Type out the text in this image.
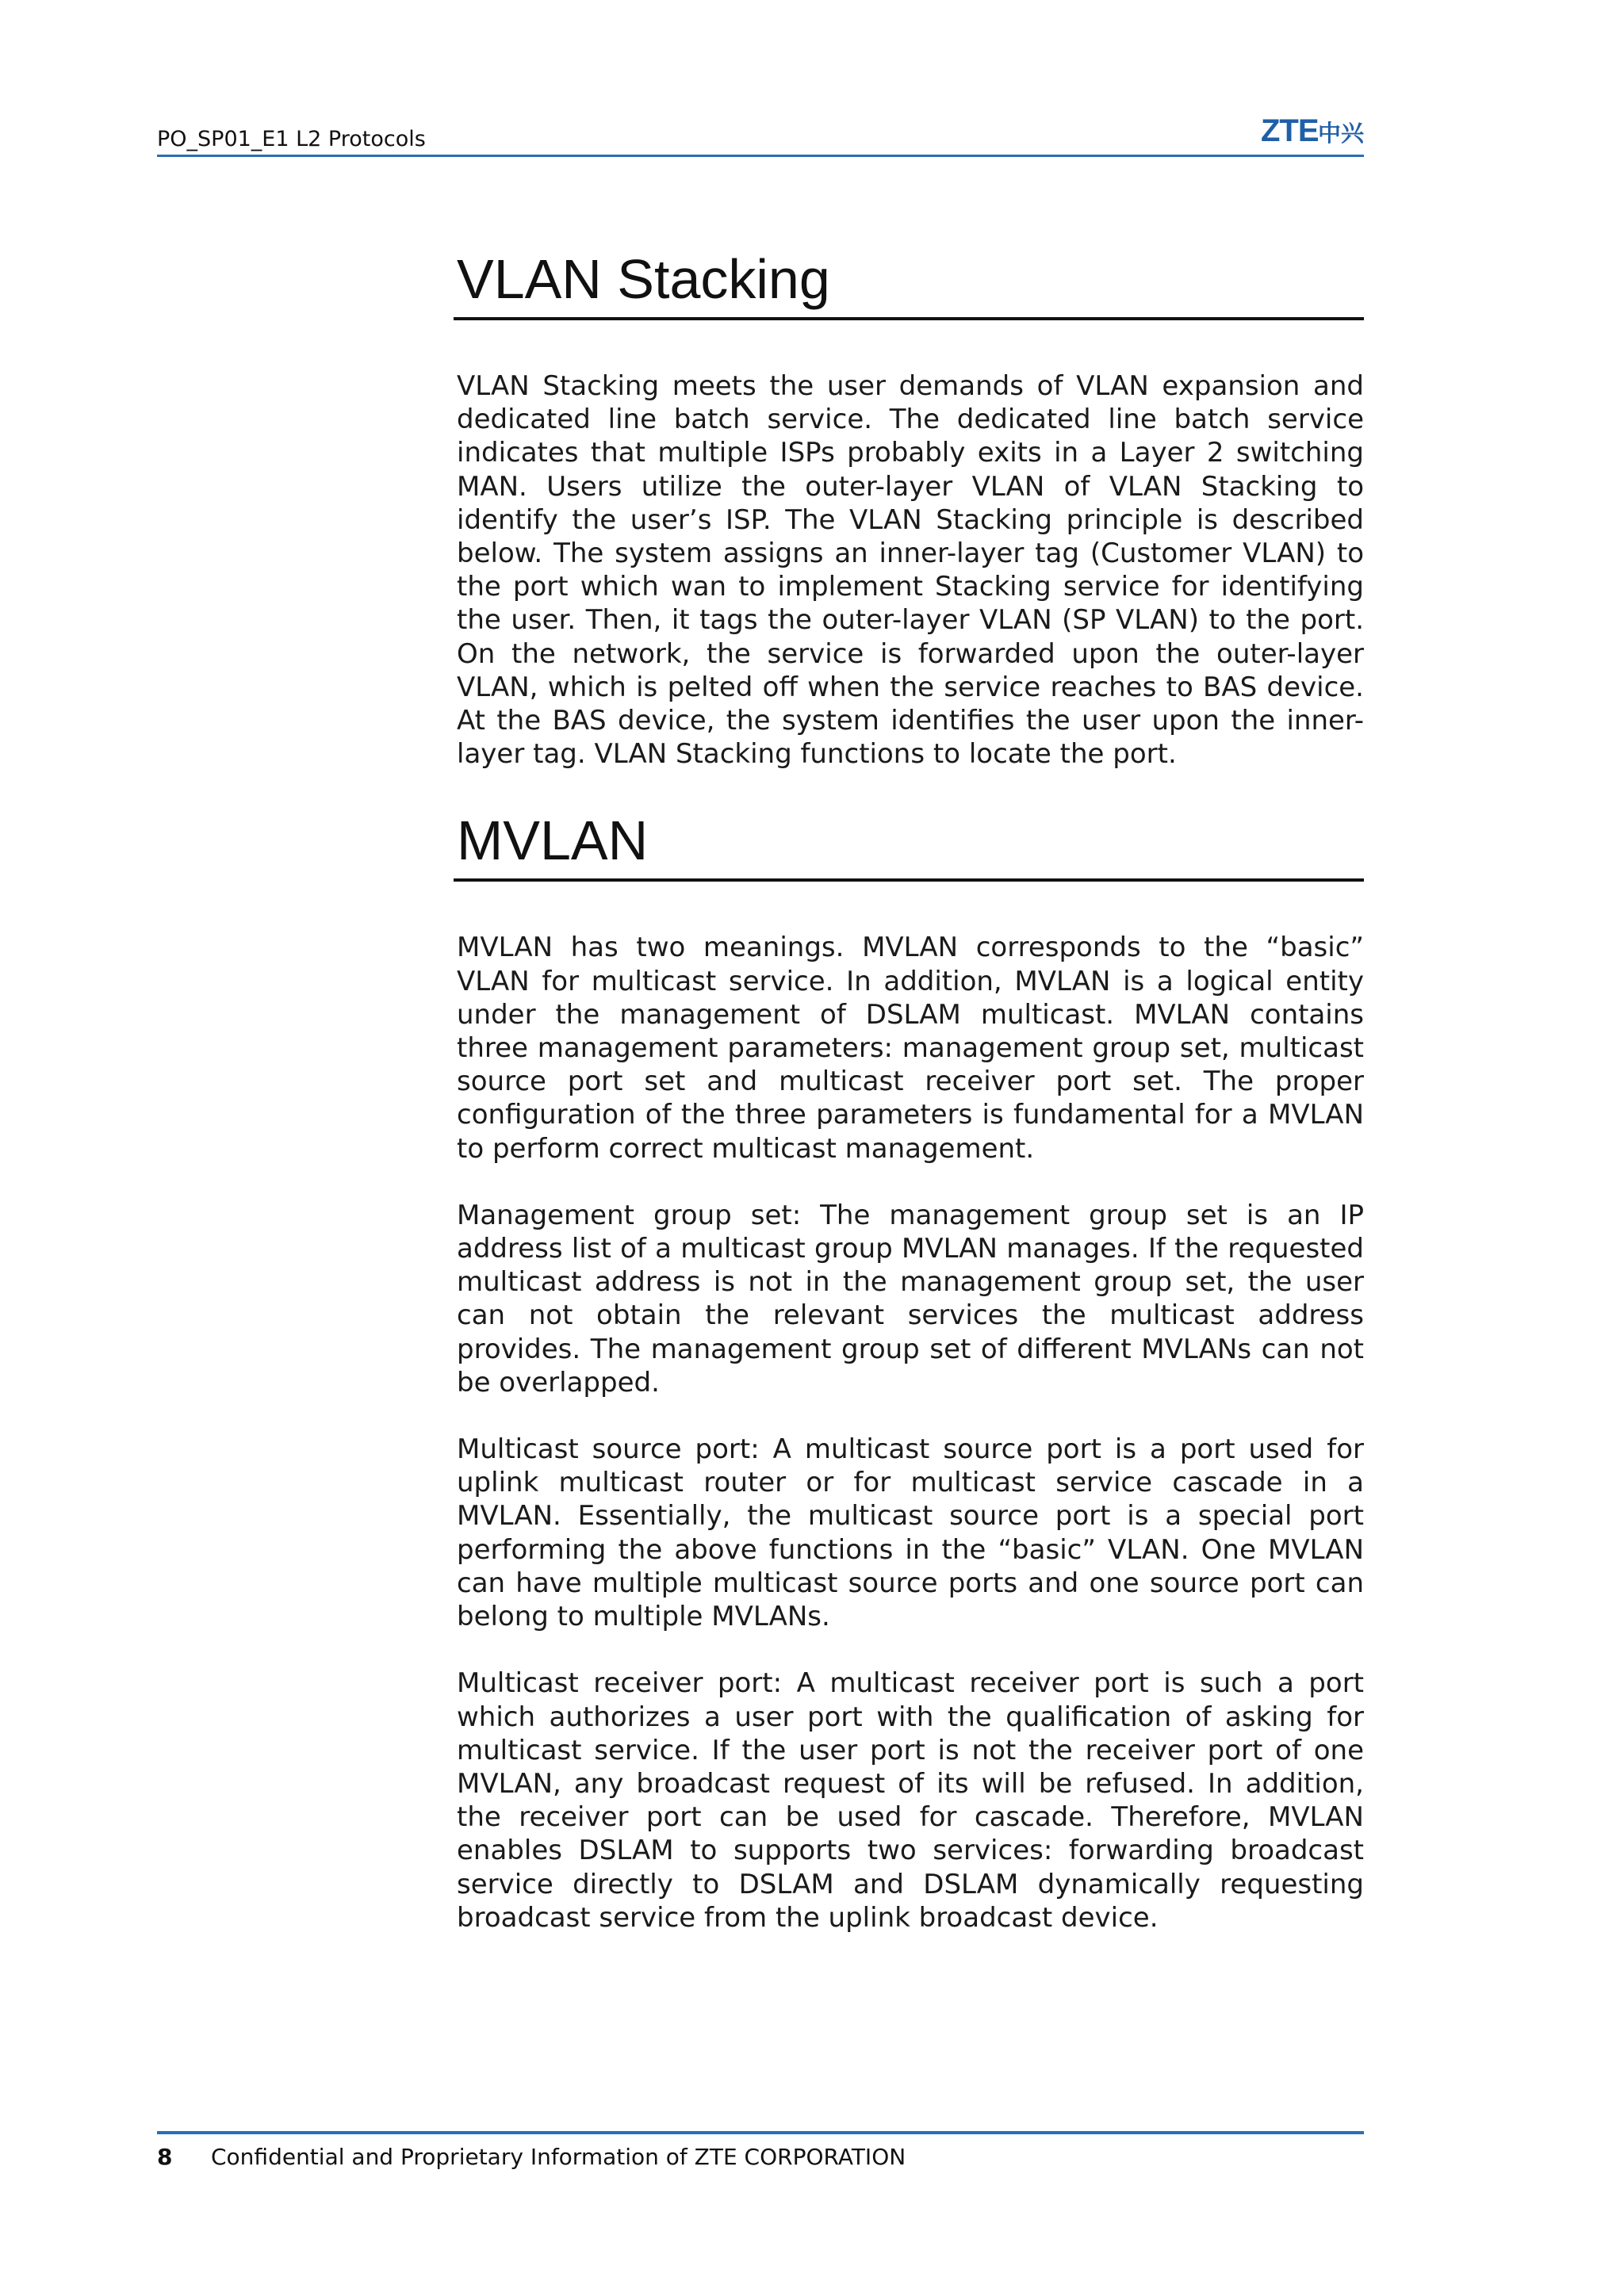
PO_SP01_E1 L2 Protocols	ZTE 中兴
VLAN Stacking

VLAN Stacking meets the user demands of VLAN expansion and dedicated line batch service. The dedicated line batch service indicates that multiple ISPs probably exits in a Layer 2 switching MAN. Users utilize the outer-layer VLAN of VLAN Stacking to identify the user’s ISP. The VLAN Stacking principle is described below. The system assigns an inner-layer tag (Customer VLAN) to the port which wan to implement Stacking service for identifying the user. Then, it tags the outer-layer VLAN (SP VLAN) to the port. On the network, the service is forwarded upon the outer-layer VLAN, which is pelted off when the service reaches to BAS device. At the BAS device, the system identifies the user upon the inner-layer tag. VLAN Stacking functions to locate the port.

MVLAN

MVLAN has two meanings. MVLAN corresponds to the “basic” VLAN for multicast service. In addition, MVLAN is a logical entity under the management of DSLAM multicast. MVLAN contains three management parameters: management group set, multicast source port set and multicast receiver port set. The proper configuration of the three parameters is fundamental for a MVLAN to perform correct multicast management.

Management group set: The management group set is an IP address list of a multicast group MVLAN manages. If the requested multicast address is not in the management group set, the user can not obtain the relevant services the multicast address provides. The management group set of different MVLANs can not be overlapped.

Multicast source port: A multicast source port is a port used for uplink multicast router or for multicast service cascade in a MVLAN. Essentially, the multicast source port is a special port performing the above functions in the “basic” VLAN. One MVLAN can have multiple multicast source ports and one source port can belong to multiple MVLANs.

Multicast receiver port: A multicast receiver port is such a port which authorizes a user port with the qualification of asking for multicast service. If the user port is not the receiver port of one MVLAN, any broadcast request of its will be refused. In addition, the receiver port can be used for cascade. Therefore, MVLAN enables DSLAM to supports two services: forwarding broadcast service directly to DSLAM and DSLAM dynamically requesting broadcast service from the uplink broadcast device.

8 Confidential and Proprietary Information of ZTE CORPORATION
